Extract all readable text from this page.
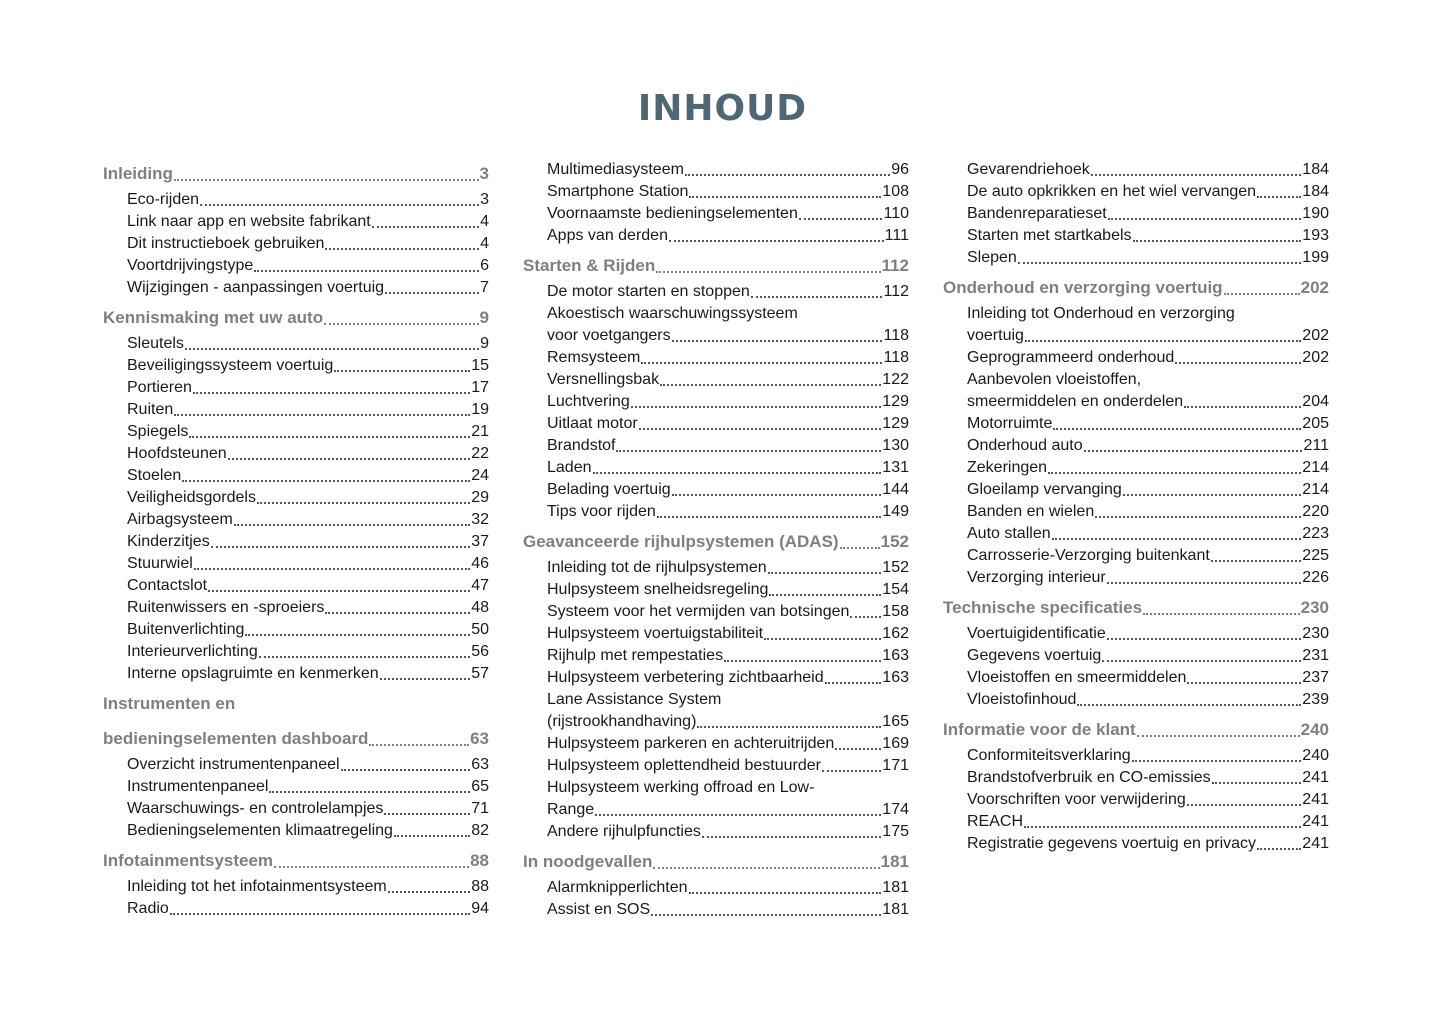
INHOUD
Inleiding	3
Eco-rijden	3
Link naar app en website fabrikant	4
Dit instructieboek gebruiken	4
Voortdrijvingstype	6
Wijzigingen - aanpassingen voertuig	7
Kennismaking met uw auto	9
Sleutels	9
Beveiligingssysteem voertuig	15
Portieren	17
Ruiten	19
Spiegels	21
Hoofdsteunen	22
Stoelen	24
Veiligheidsgordels	29
Airbagsysteem	32
Kinderzitjes	37
Stuurwiel	46
Contactslot	47
Ruitenwissers en -sproeiers	48
Buitenverlichting	50
Interieurverlichting	56
Interne opslagruimte en kenmerken	57
Instrumenten en
bedieningselementen dashboard	63
Overzicht instrumentenpaneel	63
Instrumentenpaneel	65
Waarschuwings- en controlelampjes	71
Bedieningselementen klimaatregeling	82
Infotainmentsysteem	88
Inleiding tot het infotainmentsysteem	88
Radio	94
Multimediasysteem	96
Smartphone Station	108
Voornaamste bedieningselementen	110
Apps van derden	111
Starten & Rijden	112
De motor starten en stoppen	112
Akoestisch waarschuwingssysteem
voor voetgangers	118
Remsysteem	118
Versnellingsbak	122
Luchtvering	129
Uitlaat motor	129
Brandstof	130
Laden	131
Belading voertuig	144
Tips voor rijden	149
Geavanceerde rijhulpsystemen (ADAS) 152
Inleiding tot de rijhulpsystemen	152
Hulpsysteem snelheidsregeling	154
Systeem voor het vermijden van botsingen 158
Hulpsysteem voertuigstabiliteit	162
Rijhulp met rempestaties	163
Hulpsysteem verbetering zichtbaarheid	163
Lane Assistance System
(rijstrookhandhaving)	165
Hulpsysteem parkeren en achteruitrijden	169
Hulpsysteem oplettendheid bestuurder	171
Hulpsysteem werking offroad en Low-
Range	174
Andere rijhulpfuncties	175
In noodgevallen	181
Alarmknipperlichten	181
Assist en SOS	181
Gevarendriehoek	184
De auto opkrikken en het wiel vervangen	184
Bandenreparatieset	190
Starten met startkabels	193
Slepen	199
Onderhoud en verzorging voertuig	202
Inleiding tot Onderhoud en verzorging
voertuig	202
Geprogrammeerd onderhoud	202
Aanbevolen vloeistoffen,
smeermiddelen en onderdelen	204
Motorruimte	205
Onderhoud auto	211
Zekeringen	214
Gloeilamp vervanging	214
Banden en wielen	220
Auto stallen	223
Carrosserie-Verzorging buitenkant	225
Verzorging interieur	226
Technische specificaties	230
Voertuigidentificatie	230
Gegevens voertuig	231
Vloeistoffen en smeermiddelen	237
Vloeistofinhoud	239
Informatie voor de klant	240
Conformiteitsverklaring	240
Brandstofverbruik en CO-emissies	241
Voorschriften voor verwijdering	241
REACH	241
Registratie gegevens voertuig en privacy	241
